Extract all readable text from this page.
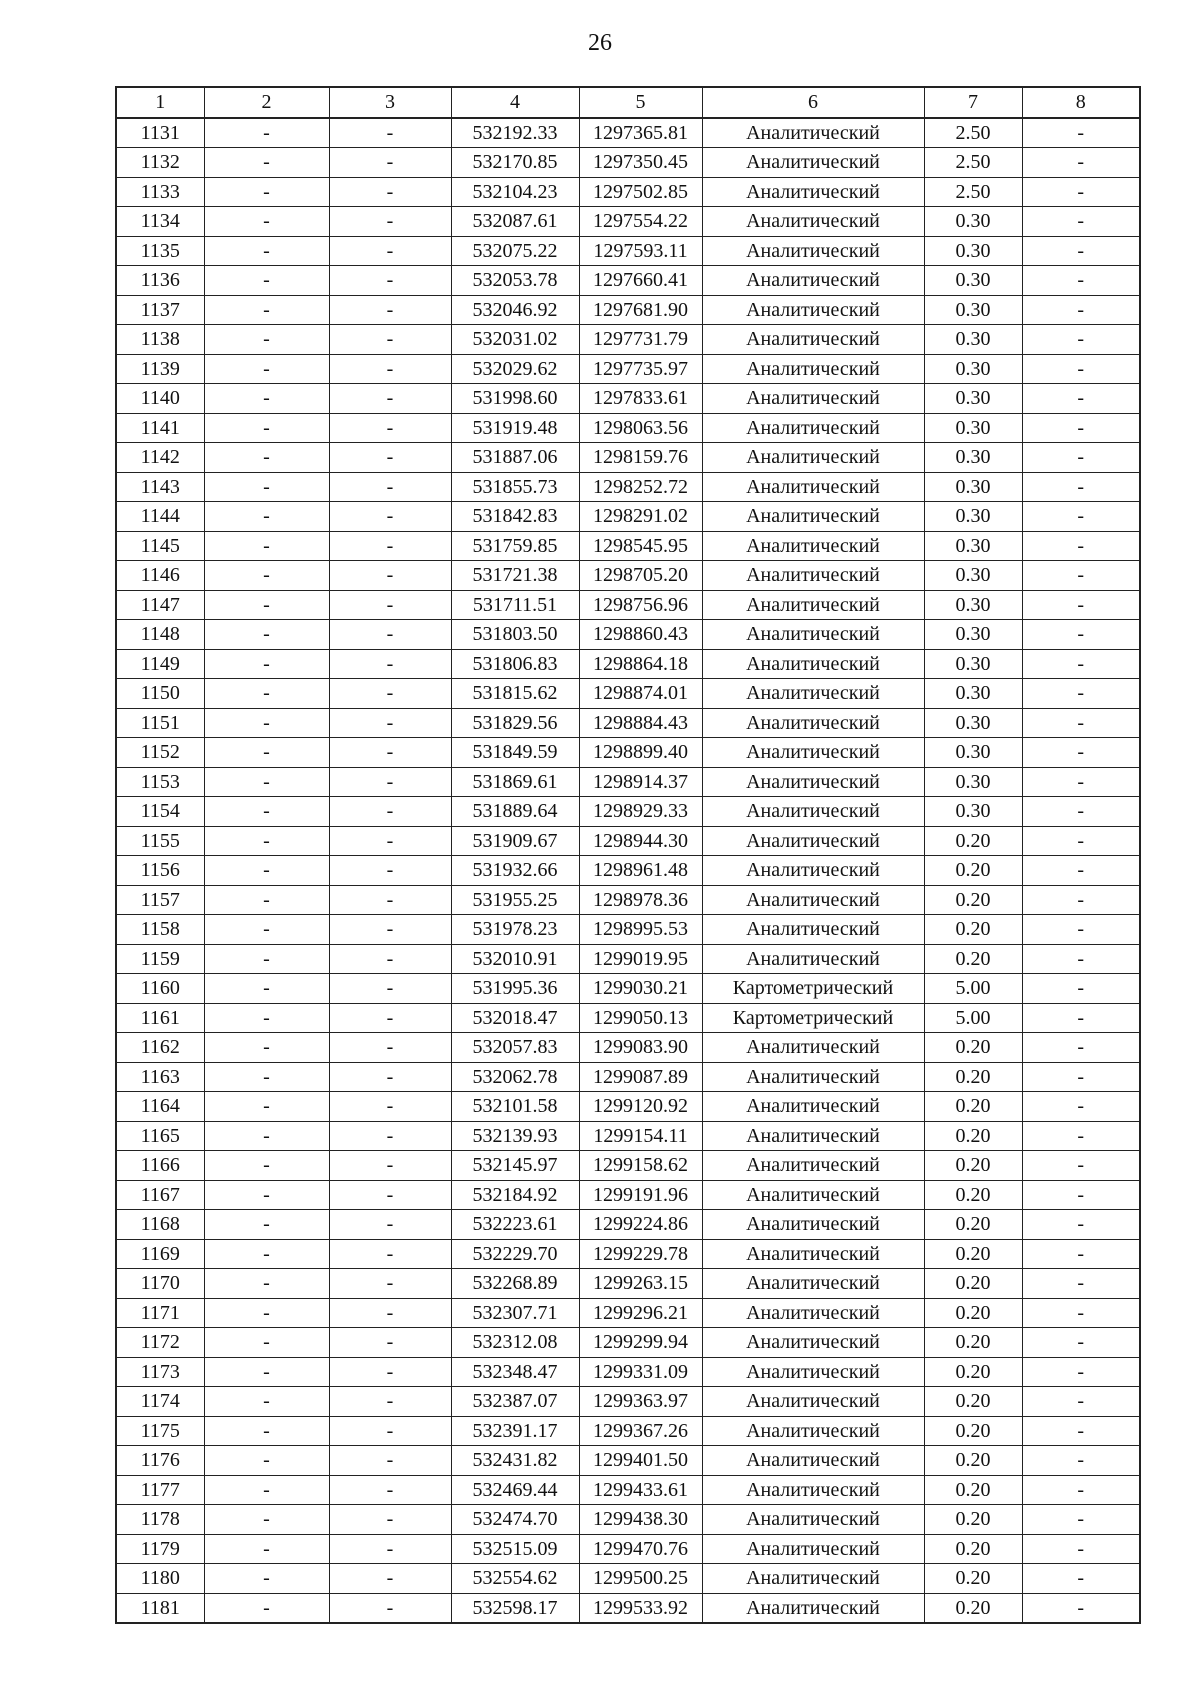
26
1	2	3	4	5	6	7	8
1131	-	-	532192.33	1297365.81	Аналитический	2.50	-
1132	-	-	532170.85	1297350.45	Аналитический	2.50	-
1133	-	-	532104.23	1297502.85	Аналитический	2.50	-
1134	-	-	532087.61	1297554.22	Аналитический	0.30	-
1135	-	-	532075.22	1297593.11	Аналитический	0.30	-
1136	-	-	532053.78	1297660.41	Аналитический	0.30	-
1137	-	-	532046.92	1297681.90	Аналитический	0.30	-
1138	-	-	532031.02	1297731.79	Аналитический	0.30	-
1139	-	-	532029.62	1297735.97	Аналитический	0.30	-
1140	-	-	531998.60	1297833.61	Аналитический	0.30	-
1141	-	-	531919.48	1298063.56	Аналитический	0.30	-
1142	-	-	531887.06	1298159.76	Аналитический	0.30	-
1143	-	-	531855.73	1298252.72	Аналитический	0.30	-
1144	-	-	531842.83	1298291.02	Аналитический	0.30	-
1145	-	-	531759.85	1298545.95	Аналитический	0.30	-
1146	-	-	531721.38	1298705.20	Аналитический	0.30	-
1147	-	-	531711.51	1298756.96	Аналитический	0.30	-
1148	-	-	531803.50	1298860.43	Аналитический	0.30	-
1149	-	-	531806.83	1298864.18	Аналитический	0.30	-
1150	-	-	531815.62	1298874.01	Аналитический	0.30	-
1151	-	-	531829.56	1298884.43	Аналитический	0.30	-
1152	-	-	531849.59	1298899.40	Аналитический	0.30	-
1153	-	-	531869.61	1298914.37	Аналитический	0.30	-
1154	-	-	531889.64	1298929.33	Аналитический	0.30	-
1155	-	-	531909.67	1298944.30	Аналитический	0.20	-
1156	-	-	531932.66	1298961.48	Аналитический	0.20	-
1157	-	-	531955.25	1298978.36	Аналитический	0.20	-
1158	-	-	531978.23	1298995.53	Аналитический	0.20	-
1159	-	-	532010.91	1299019.95	Аналитический	0.20	-
1160	-	-	531995.36	1299030.21	Картометрический	5.00	-
1161	-	-	532018.47	1299050.13	Картометрический	5.00	-
1162	-	-	532057.83	1299083.90	Аналитический	0.20	-
1163	-	-	532062.78	1299087.89	Аналитический	0.20	-
1164	-	-	532101.58	1299120.92	Аналитический	0.20	-
1165	-	-	532139.93	1299154.11	Аналитический	0.20	-
1166	-	-	532145.97	1299158.62	Аналитический	0.20	-
1167	-	-	532184.92	1299191.96	Аналитический	0.20	-
1168	-	-	532223.61	1299224.86	Аналитический	0.20	-
1169	-	-	532229.70	1299229.78	Аналитический	0.20	-
1170	-	-	532268.89	1299263.15	Аналитический	0.20	-
1171	-	-	532307.71	1299296.21	Аналитический	0.20	-
1172	-	-	532312.08	1299299.94	Аналитический	0.20	-
1173	-	-	532348.47	1299331.09	Аналитический	0.20	-
1174	-	-	532387.07	1299363.97	Аналитический	0.20	-
1175	-	-	532391.17	1299367.26	Аналитический	0.20	-
1176	-	-	532431.82	1299401.50	Аналитический	0.20	-
1177	-	-	532469.44	1299433.61	Аналитический	0.20	-
1178	-	-	532474.70	1299438.30	Аналитический	0.20	-
1179	-	-	532515.09	1299470.76	Аналитический	0.20	-
1180	-	-	532554.62	1299500.25	Аналитический	0.20	-
1181	-	-	532598.17	1299533.92	Аналитический	0.20	-
